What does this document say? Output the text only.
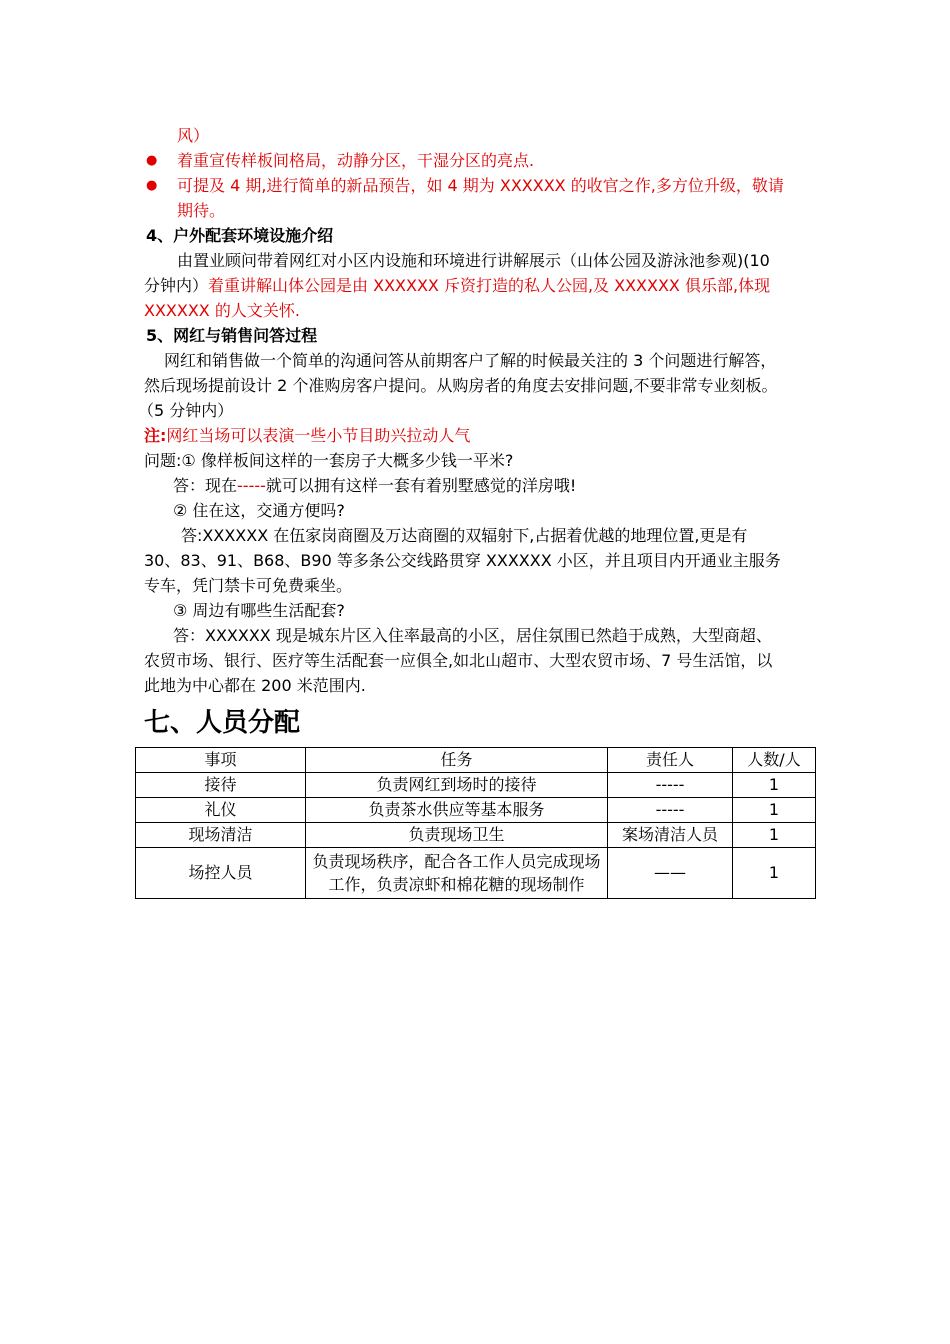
风）
● 着重宣传样板间格局，动静分区，干湿分区的亮点.
● 可提及 4 期,进行简单的新品预告，如 4 期为 XXXXXX 的收官之作,多方位升级，敬请
期待。
4、户外配套环境设施介绍
由置业顾问带着网红对小区内设施和环境进行讲解展示（山体公园及游泳池参观)(10
分钟内）着重讲解山体公园是由 XXXXXX 斥资打造的私人公园,及 XXXXXX 俱乐部,体现
XXXXXX 的人文关怀.
5、网红与销售问答过程
网红和销售做一个简单的沟通问答从前期客户了解的时候最关注的 3 个问题进行解答，
然后现场提前设计 2 个准购房客户提问。从购房者的角度去安排问题,不要非常专业刻板。
（5 分钟内）
注:网红当场可以表演一些小节目助兴拉动人气
问题:① 像样板间这样的一套房子大概多少钱一平米?
答：现在-----就可以拥有这样一套有着别墅感觉的洋房哦!
② 住在这，交通方便吗?
答:XXXXXX 在伍家岗商圈及万达商圈的双辐射下,占据着优越的地理位置,更是有
30、83、91、B68、B90 等多条公交线路贯穿 XXXXXX 小区，并且项目内开通业主服务
专车，凭门禁卡可免费乘坐。
③ 周边有哪些生活配套?
答：XXXXXX 现是城东片区入住率最高的小区，居住氛围已然趋于成熟，大型商超、
农贸市场、银行、医疗等生活配套一应俱全,如北山超市、大型农贸市场、7 号生活馆，以
此地为中心都在 200 米范围内.
七、人员分配
事项	任务	责任人	人数/人
接待	负责网红到场时的接待	-----	1
礼仪	负责茶水供应等基本服务	-----	1
现场清洁	负责现场卫生	案场清洁人员	1
场控人员	负责现场秩序，配合各工作人员完成现场工作，负责凉虾和棉花糖的现场制作	——	1
